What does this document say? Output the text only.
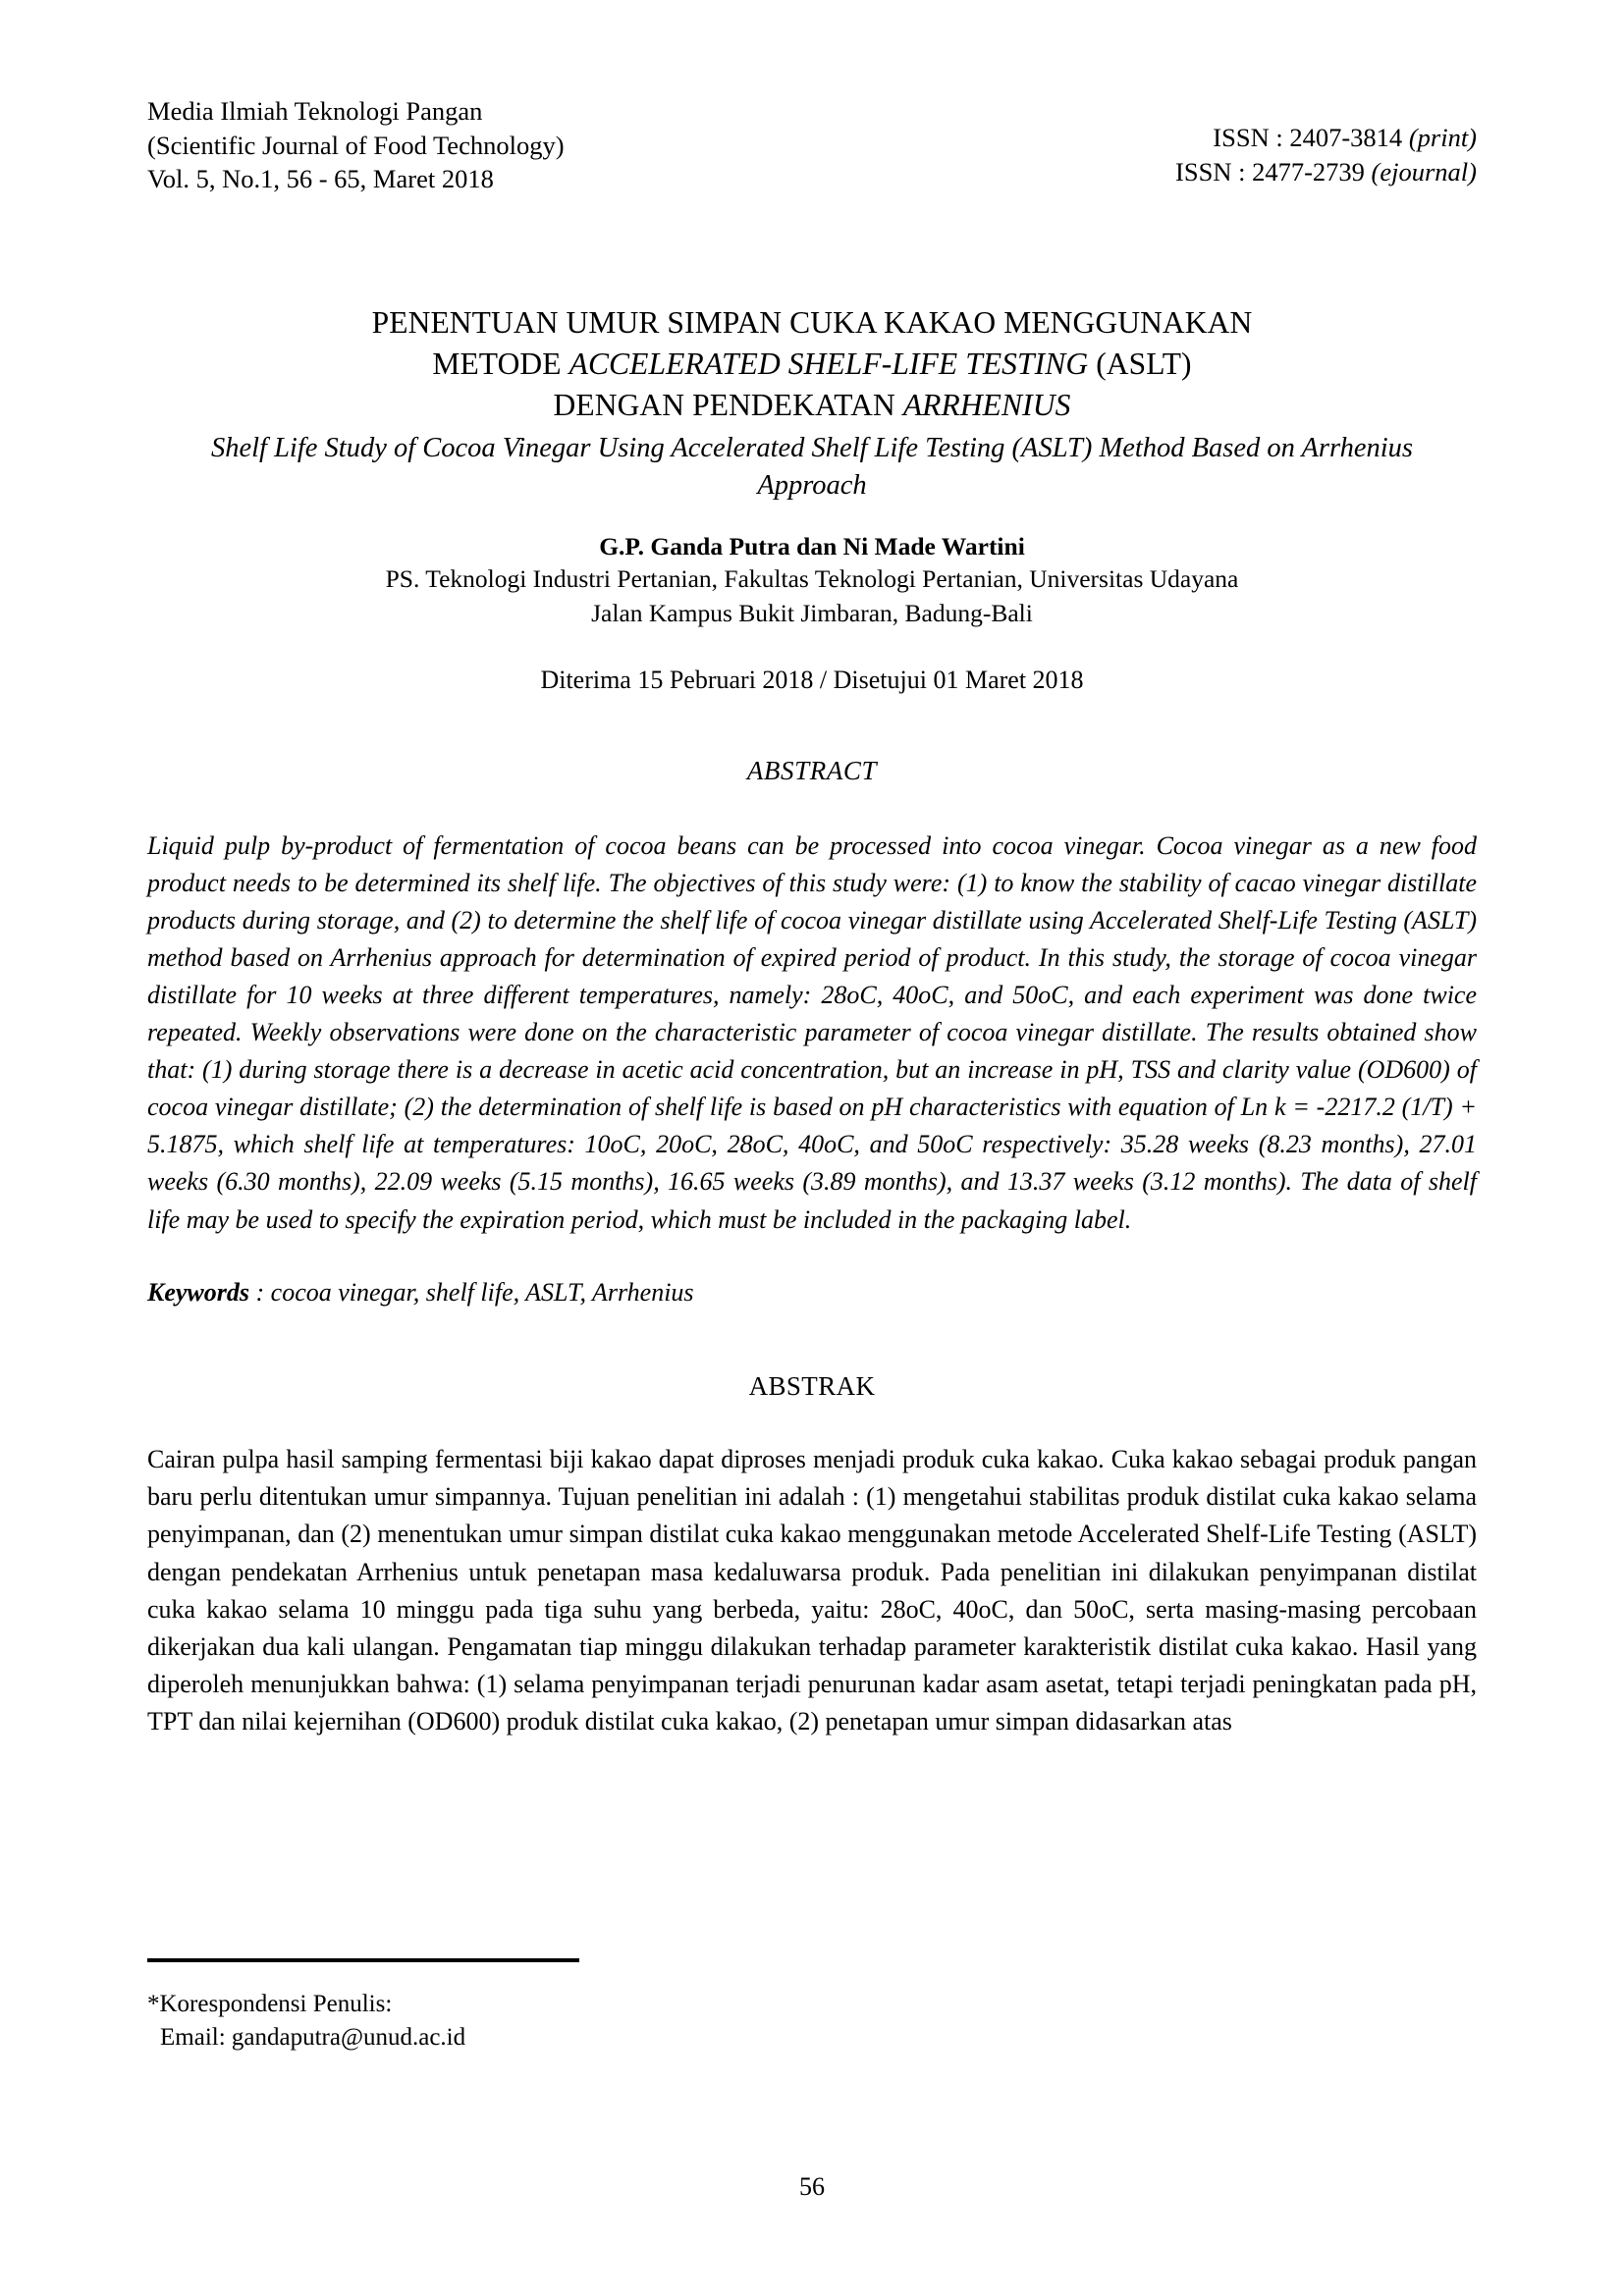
Media Ilmiah Teknologi Pangan
(Scientific Journal of Food Technology)
Vol. 5, No.1, 56 - 65, Maret 2018
ISSN : 2407-3814 (print)
ISSN : 2477-2739 (ejournal)
PENENTUAN UMUR SIMPAN CUKA KAKAO MENGGUNAKAN
METODE ACCELERATED SHELF-LIFE TESTING (ASLT)
DENGAN PENDEKATAN ARRHENIUS
Shelf Life Study of Cocoa Vinegar Using Accelerated Shelf Life Testing (ASLT) Method Based on Arrhenius Approach
G.P. Ganda Putra dan Ni Made Wartini
PS. Teknologi Industri Pertanian, Fakultas Teknologi Pertanian, Universitas Udayana
Jalan Kampus Bukit Jimbaran, Badung-Bali
Diterima 15 Pebruari 2018 / Disetujui 01 Maret 2018
ABSTRACT
Liquid pulp by-product of fermentation of cocoa beans can be processed into cocoa vinegar. Cocoa vinegar as a new food product needs to be determined its shelf life. The objectives of this study were: (1) to know the stability of cacao vinegar distillate products during storage, and (2) to determine the shelf life of cocoa vinegar distillate using Accelerated Shelf-Life Testing (ASLT) method based on Arrhenius approach for determination of expired period of product. In this study, the storage of cocoa vinegar distillate for 10 weeks at three different temperatures, namely: 28oC, 40oC, and 50oC, and each experiment was done twice repeated. Weekly observations were done on the characteristic parameter of cocoa vinegar distillate. The results obtained show that: (1) during storage there is a decrease in acetic acid concentration, but an increase in pH, TSS and clarity value (OD600) of cocoa vinegar distillate; (2) the determination of shelf life is based on pH characteristics with equation of Ln k = -2217.2 (1/T) + 5.1875, which shelf life at temperatures: 10oC, 20oC, 28oC, 40oC, and 50oC respectively: 35.28 weeks (8.23 months), 27.01 weeks (6.30 months), 22.09 weeks (5.15 months), 16.65 weeks (3.89 months), and 13.37 weeks (3.12 months). The data of shelf life may be used to specify the expiration period, which must be included in the packaging label.
Keywords : cocoa vinegar, shelf life, ASLT, Arrhenius
ABSTRAK
Cairan pulpa hasil samping fermentasi biji kakao dapat diproses menjadi produk cuka kakao. Cuka kakao sebagai produk pangan baru perlu ditentukan umur simpannya. Tujuan penelitian ini adalah : (1) mengetahui stabilitas produk distilat cuka kakao selama penyimpanan, dan (2) menentukan umur simpan distilat cuka kakao menggunakan metode Accelerated Shelf-Life Testing (ASLT) dengan pendekatan Arrhenius untuk penetapan masa kedaluwarsa produk. Pada penelitian ini dilakukan penyimpanan distilat cuka kakao selama 10 minggu pada tiga suhu yang berbeda, yaitu: 28oC, 40oC, dan 50oC, serta masing-masing percobaan dikerjakan dua kali ulangan. Pengamatan tiap minggu dilakukan terhadap parameter karakteristik distilat cuka kakao. Hasil yang diperoleh menunjukkan bahwa: (1) selama penyimpanan terjadi penurunan kadar asam asetat, tetapi terjadi peningkatan pada pH, TPT dan nilai kejernihan (OD600) produk distilat cuka kakao, (2) penetapan umur simpan didasarkan atas
*Korespondensi Penulis:
Email: gandaputra@unud.ac.id
56
